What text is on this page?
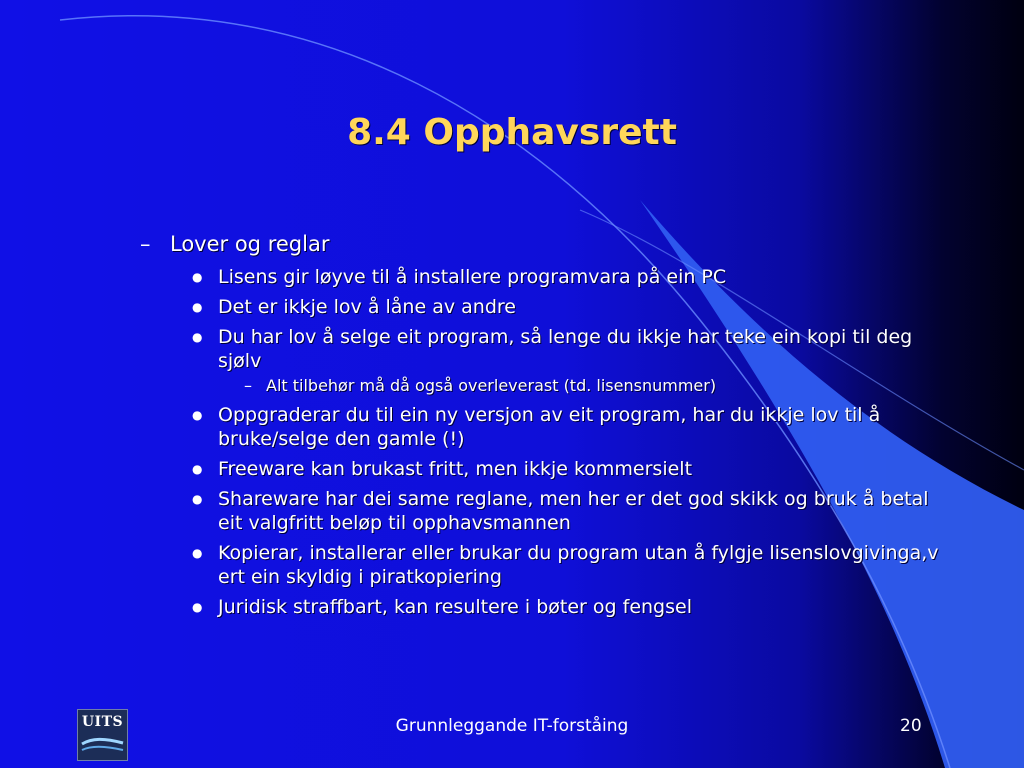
8.4 Opphavsrett
– Lover og reglar
● Lisens gir løyve til å installere programvara på ein PC
● Det er ikkje lov å låne av andre
● Du har lov å selge eit program, så lenge du ikkje har teke ein kopi til deg sjølv
– Alt tilbehør må då også overleverast (td. lisensnummer)
● Oppgraderar du til ein ny versjon av eit program, har du ikkje lov til å bruke/selge den gamle (!)
● Freeware kan brukast fritt, men ikkje kommersielt
● Shareware har dei same reglane, men her er det god skikk og bruk å betal eit valgfritt beløp til opphavsmannen
● Kopierar, installerar eller brukar du program utan å fylgje lisenslovgivinga,v ert ein skyldig i piratkopiering
● Juridisk straffbart, kan resultere i bøter og fengsel
UITS	Grunnleggande IT-forståing	20
